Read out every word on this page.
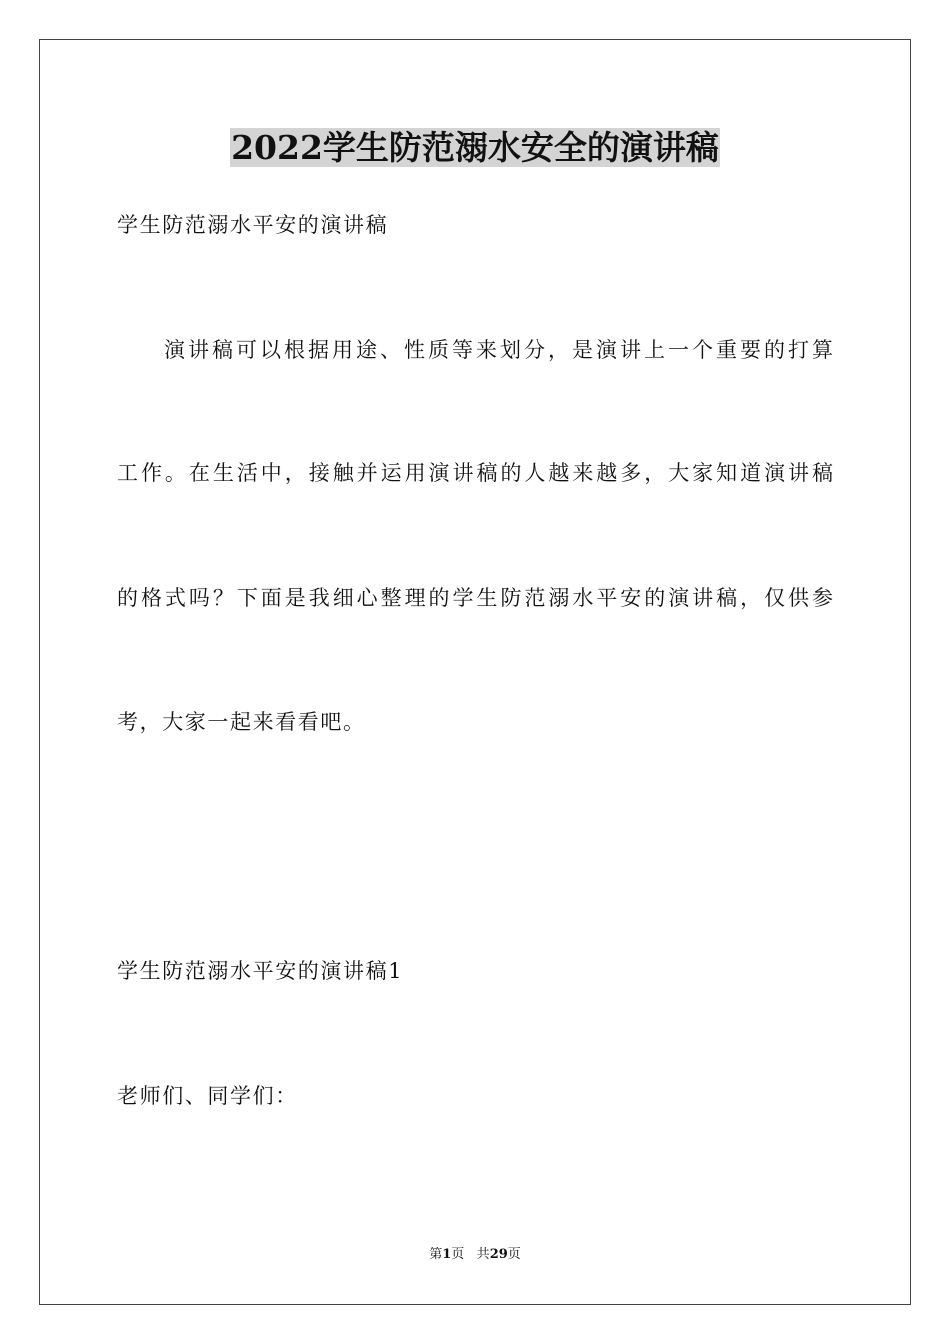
2022学生防范溺水安全的演讲稿
学生防范溺水平安的演讲稿
演讲稿可以根据用途、性质等来划分，是演讲上一个重要的打算
工作。在生活中，接触并运用演讲稿的人越来越多，大家知道演讲稿
的格式吗？下面是我细心整理的学生防范溺水平安的演讲稿，仅供参
考，大家一起来看看吧。
学生防范溺水平安的演讲稿1
老师们、同学们：
第1页 共29页
